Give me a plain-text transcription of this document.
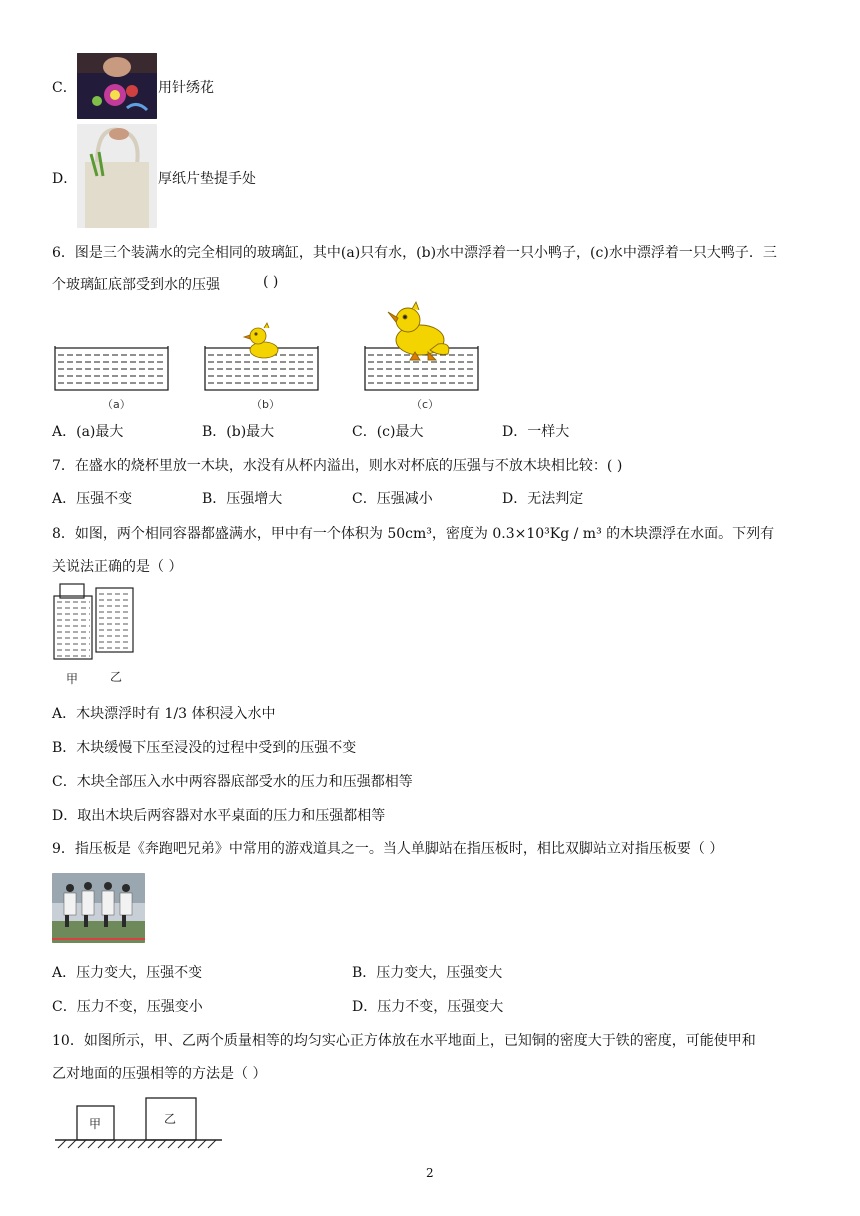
C．	用针绣花
D．	厚纸片垫提手处
6．图是三个装满水的完全相同的玻璃缸，其中(a)只有水，(b)水中漂浮着一只小鸭子，(c)水中漂浮着一只大鸭子．三
个玻璃缸底部受到水的压强	( )
（a）	（b）	（c）
A．(a)最大	B．(b)最大	C．(c)最大	D．一样大
7．在盛水的烧杯里放一木块，水没有从杯内溢出，则水对杯底的压强与不放木块相比较：( )
A．压强不变	B．压强增大	C．压强减小	D．无法判定
8．如图，两个相同容器都盛满水，甲中有一个体积为 50cm³，密度为 0.3×10³Kg / m³ 的木块漂浮在水面。下列有
关说法正确的是（ ）
甲	乙
A．木块漂浮时有 1/3 体积浸入水中
B．木块缓慢下压至浸没的过程中受到的压强不变
C．木块全部压入水中两容器底部受水的压力和压强都相等
D．取出木块后两容器对水平桌面的压力和压强都相等
9．指压板是《奔跑吧兄弟》中常用的游戏道具之一。当人单脚站在指压板时，相比双脚站立对指压板要（ ）
A．压力变大，压强不变	B．压力变大，压强变大
C．压力不变，压强变小	D．压力不变，压强变大
10．如图所示，甲、乙两个质量相等的均匀实心正方体放在水平地面上，已知铜的密度大于铁的密度，可能使甲和
乙对地面的压强相等的方法是（ ）
甲	乙
2
